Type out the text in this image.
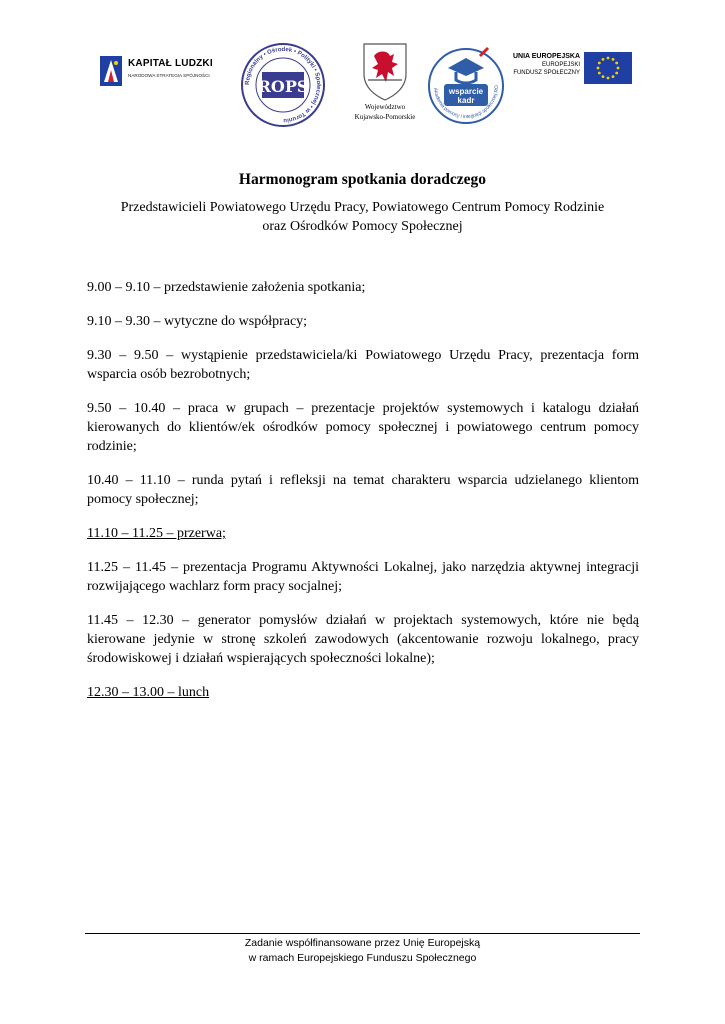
KAPITAŁ LUDZKI
NARODOWA STRATEGIA SPÓJNOŚCI
Regionalny • Ośrodek • Polityki • Społecznej • w Toruniu
ROPS
Województwo
Kujawsko-Pomorskie
wsparcie
kadr
Akademia pomocy i integracji społecznej RO
UNIA EUROPEJSKA
EUROPEJSKI
FUNDUSZ SPOŁECZNY
Harmonogram spotkania doradczego
Przedstawicieli Powiatowego Urzędu Pracy, Powiatowego Centrum Pomocy Rodzinie
oraz Ośrodków Pomocy Społecznej

9.00 – 9.10 – przedstawienie założenia spotkania;

9.10 – 9.30 – wytyczne do współpracy;

9.30 – 9.50 – wystąpienie przedstawiciela/ki Powiatowego Urzędu Pracy, prezentacja form wsparcia osób bezrobotnych;

9.50 – 10.40 – praca w grupach – prezentacje projektów systemowych i katalogu działań kierowanych do klientów/ek ośrodków pomocy społecznej i powiatowego centrum pomocy rodzinie;

10.40 – 11.10 – runda pytań i refleksji na temat charakteru wsparcia udzielanego klientom pomocy społecznej;

11.10 – 11.25 – przerwa;

11.25 – 11.45 – prezentacja Programu Aktywności Lokalnej, jako narzędzia aktywnej integracji rozwijającego wachlarz form pracy socjalnej;

11.45 – 12.30 – generator pomysłów działań w projektach systemowych, które nie będą kierowane jedynie w stronę szkoleń zawodowych (akcentowanie rozwoju lokalnego, pracy środowiskowej i działań wspierających społeczności lokalne);

12.30 – 13.00 – lunch

Zadanie współfinansowane przez Unię Europejską
w ramach Europejskiego Funduszu Społecznego
